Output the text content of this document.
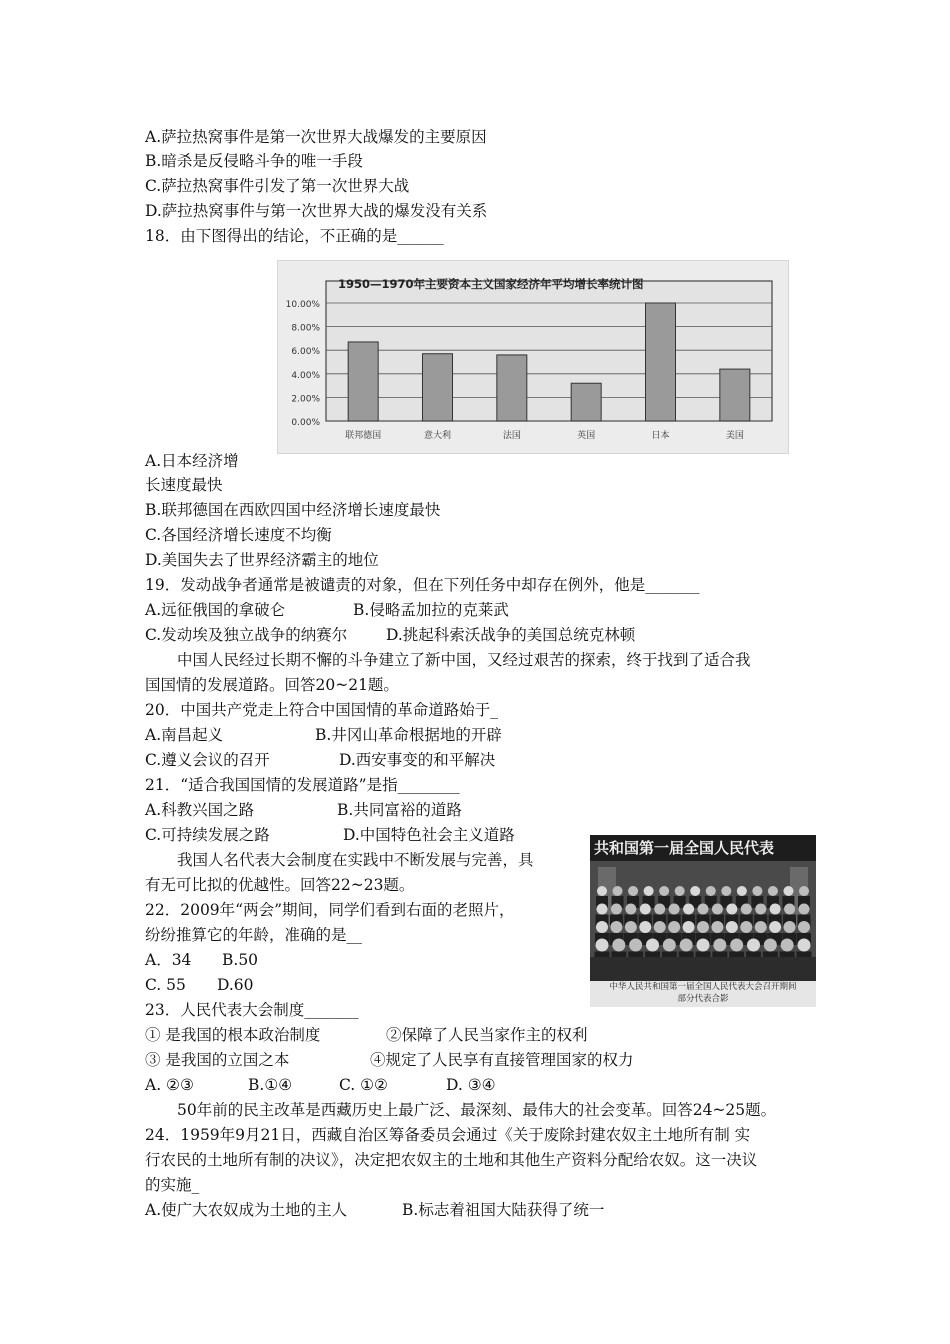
A.萨拉热窝事件是第一次世界大战爆发的主要原因
B.暗杀是反侵略斗争的唯一手段
C.萨拉热窝事件引发了第一次世界大战
D.萨拉热窝事件与第一次世界大战的爆发没有关系
18．由下图得出的结论，不正确的是______
1950—1970年主要资本主义国家经济年平均增长率统计图
0.00%
2.00%
4.00%
6.00%
8.00%
10.00%
联邦德国	意大利	法国	英国	日本	美国
A.日本经济增
长速度最快
B.联邦德国在西欧四国中经济增长速度最快
C.各国经济增长速度不均衡
D.美国失去了世界经济霸主的地位
19．发动战争者通常是被谴责的对象，但在下列任务中却存在例外，他是_______
A.远征俄国的拿破仑	B.侵略孟加拉的克莱武
C.发动埃及独立战争的纳赛尔	D.挑起科索沃战争的美国总统克林顿
中国人民经过长期不懈的斗争建立了新中国，又经过艰苦的探索，终于找到了适合我
国国情的发展道路。回答20~21题。
20．中国共产党走上符合中国国情的革命道路始于_
A.南昌起义	B.井冈山革命根据地的开辟
C.遵义会议的召开	D.西安事变的和平解决
21．“适合我国国情的发展道路”是指________
A.科教兴国之路	B.共同富裕的道路
C.可持续发展之路	D.中国特色社会主义道路
我国人名代表大会制度在实践中不断发展与完善，具
有无可比拟的优越性。回答22~23题。
共和国第一届全国人民代表
中华人民共和国第一届全国人民代表大会召开期间
部分代表合影
22．2009年“两会”期间，同学们看到右面的老照片，
纷纷推算它的年龄，准确的是__
A．34 B.50
C. 55 D.60
23．人民代表大会制度_______
① 是我国的根本政治制度	②保障了人民当家作主的权利
③ 是我国的立国之本	④规定了人民享有直接管理国家的权力
A. ②③	B.①④	C. ①②	D. ③④
50年前的民主改革是西藏历史上最广泛、最深刻、最伟大的社会变革。回答24~25题。
24．1959年9月21日，西藏自治区筹备委员会通过《关于废除封建农奴主土地所有制 实
行农民的土地所有制的决议》，决定把农奴主的土地和其他生产资料分配给农奴。这一决议
的实施_
A.使广大农奴成为土地的主人	B.标志着祖国大陆获得了统一
